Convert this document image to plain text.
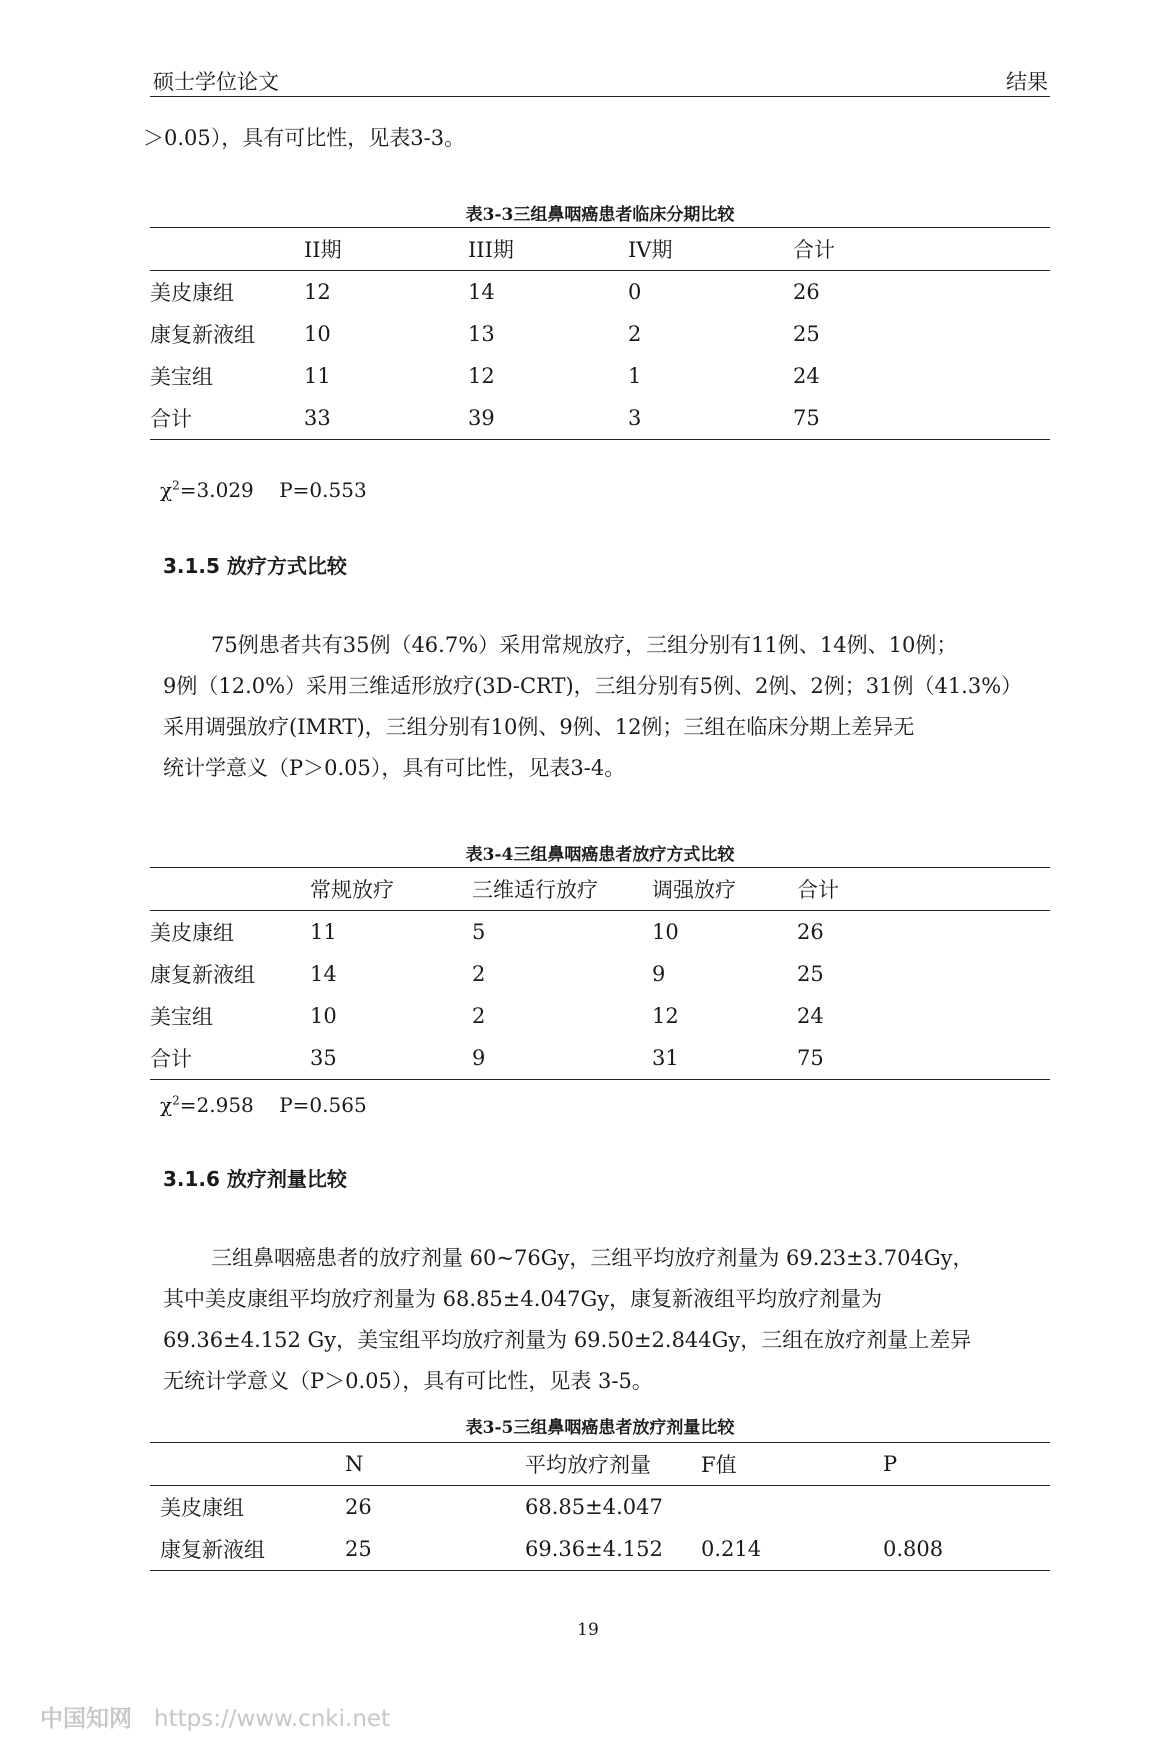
硕士学位论文	结果
＞0.05），具有可比性，见表3-3。
表3-3三组鼻咽癌患者临床分期比较
	II期	III期	IV期	合计
美皮康组	12	14	0	26
康复新液组	10	13	2	25
美宝组	11	12	1	24
合计	33	39	3	75
$\chi^2=3.029$    P=0.553
3.1.5 放疗方式比较
75例患者共有35例（46.7%）采用常规放疗，三组分别有11例、14例、10例；
9例（12.0%）采用三维适形放疗(3D-CRT)，三组分别有5例、2例、2例；31例（41.3%）
采用调强放疗(IMRT)，三组分别有10例、9例、12例；三组在临床分期上差异无
统计学意义（P＞0.05），具有可比性，见表3-4。
表3-4三组鼻咽癌患者放疗方式比较
	常规放疗	三维适行放疗	调强放疗	合计
美皮康组	11	5	10	26
康复新液组	14	2	9	25
美宝组	10	2	12	24
合计	35	9	31	75
$\chi^2=2.958$    P=0.565
3.1.6 放疗剂量比较
三组鼻咽癌患者的放疗剂量 60~76Gy，三组平均放疗剂量为 69.23±3.704Gy，
其中美皮康组平均放疗剂量为 68.85±4.047Gy，康复新液组平均放疗剂量为
69.36±4.152 Gy，美宝组平均放疗剂量为 69.50±2.844Gy，三组在放疗剂量上差异
无统计学意义（P＞0.05），具有可比性，见表 3-5。
表3-5三组鼻咽癌患者放疗剂量比较
	N	平均放疗剂量	F值	P
美皮康组	26	68.85±4.047		
康复新液组	25	69.36±4.152	0.214	0.808
19
中国知网 https://www.cnki.net
